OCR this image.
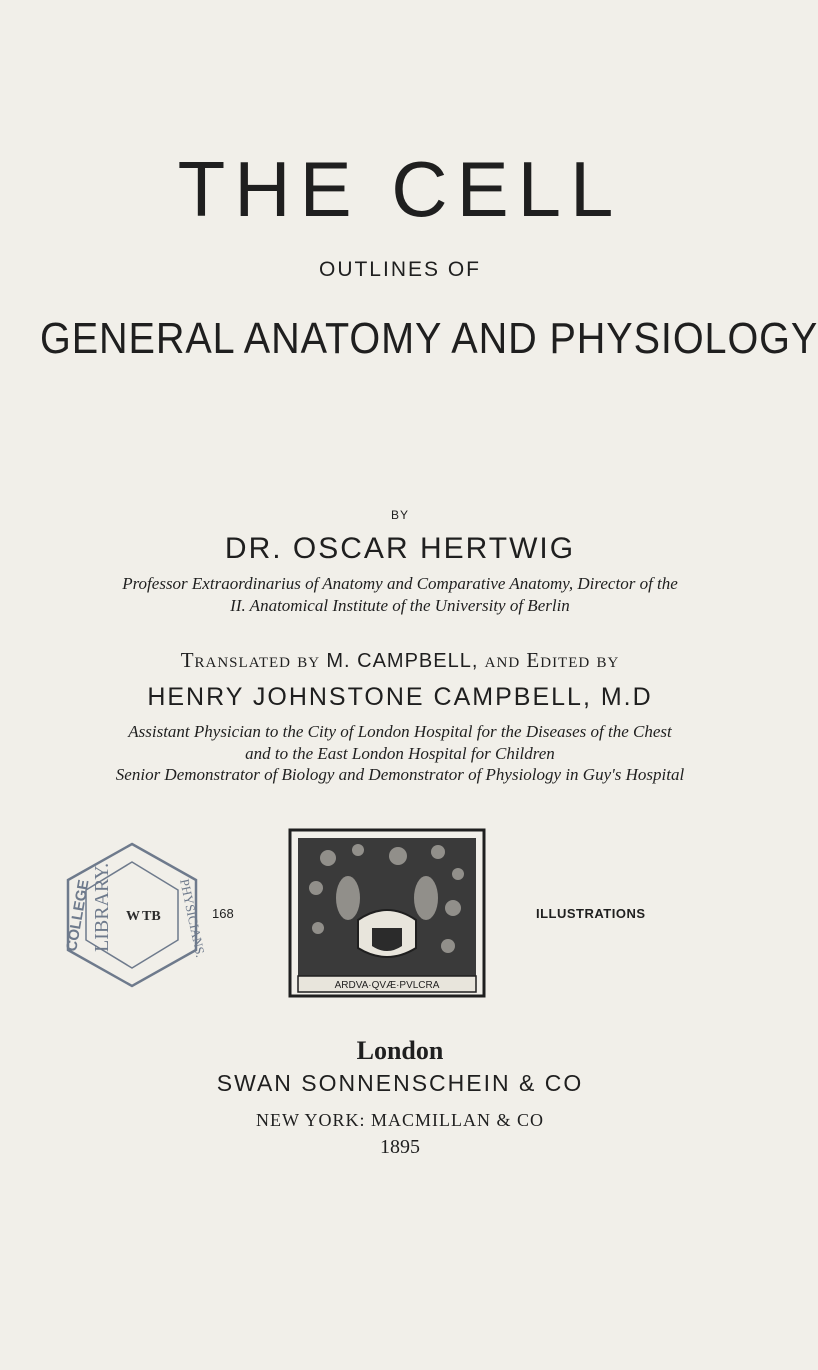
THE CELL
OUTLINES OF
GENERAL ANATOMY AND PHYSIOLOGY
BY
DR. OSCAR HERTWIG
Professor Extraordinarius of Anatomy and Comparative Anatomy, Director of the
II. Anatomical Institute of the University of Berlin
Translated by M. CAMPBELL, and Edited by
HENRY JOHNSTONE CAMPBELL, M.D
Assistant Physician to the City of London Hospital for the Diseases of the Chest
and to the East London Hospital for Children
Senior Demonstrator of Biology and Demonstrator of Physiology in Guy's Hospital
COLLEGE	PHYSICIANS.
LIBRARY. W TB	168
ARDVA·QVÆ·PVLCRA
ILLUSTRATIONS
London
SWAN SONNENSCHEIN & CO
NEW YORK: MACMILLAN & CO
1895
